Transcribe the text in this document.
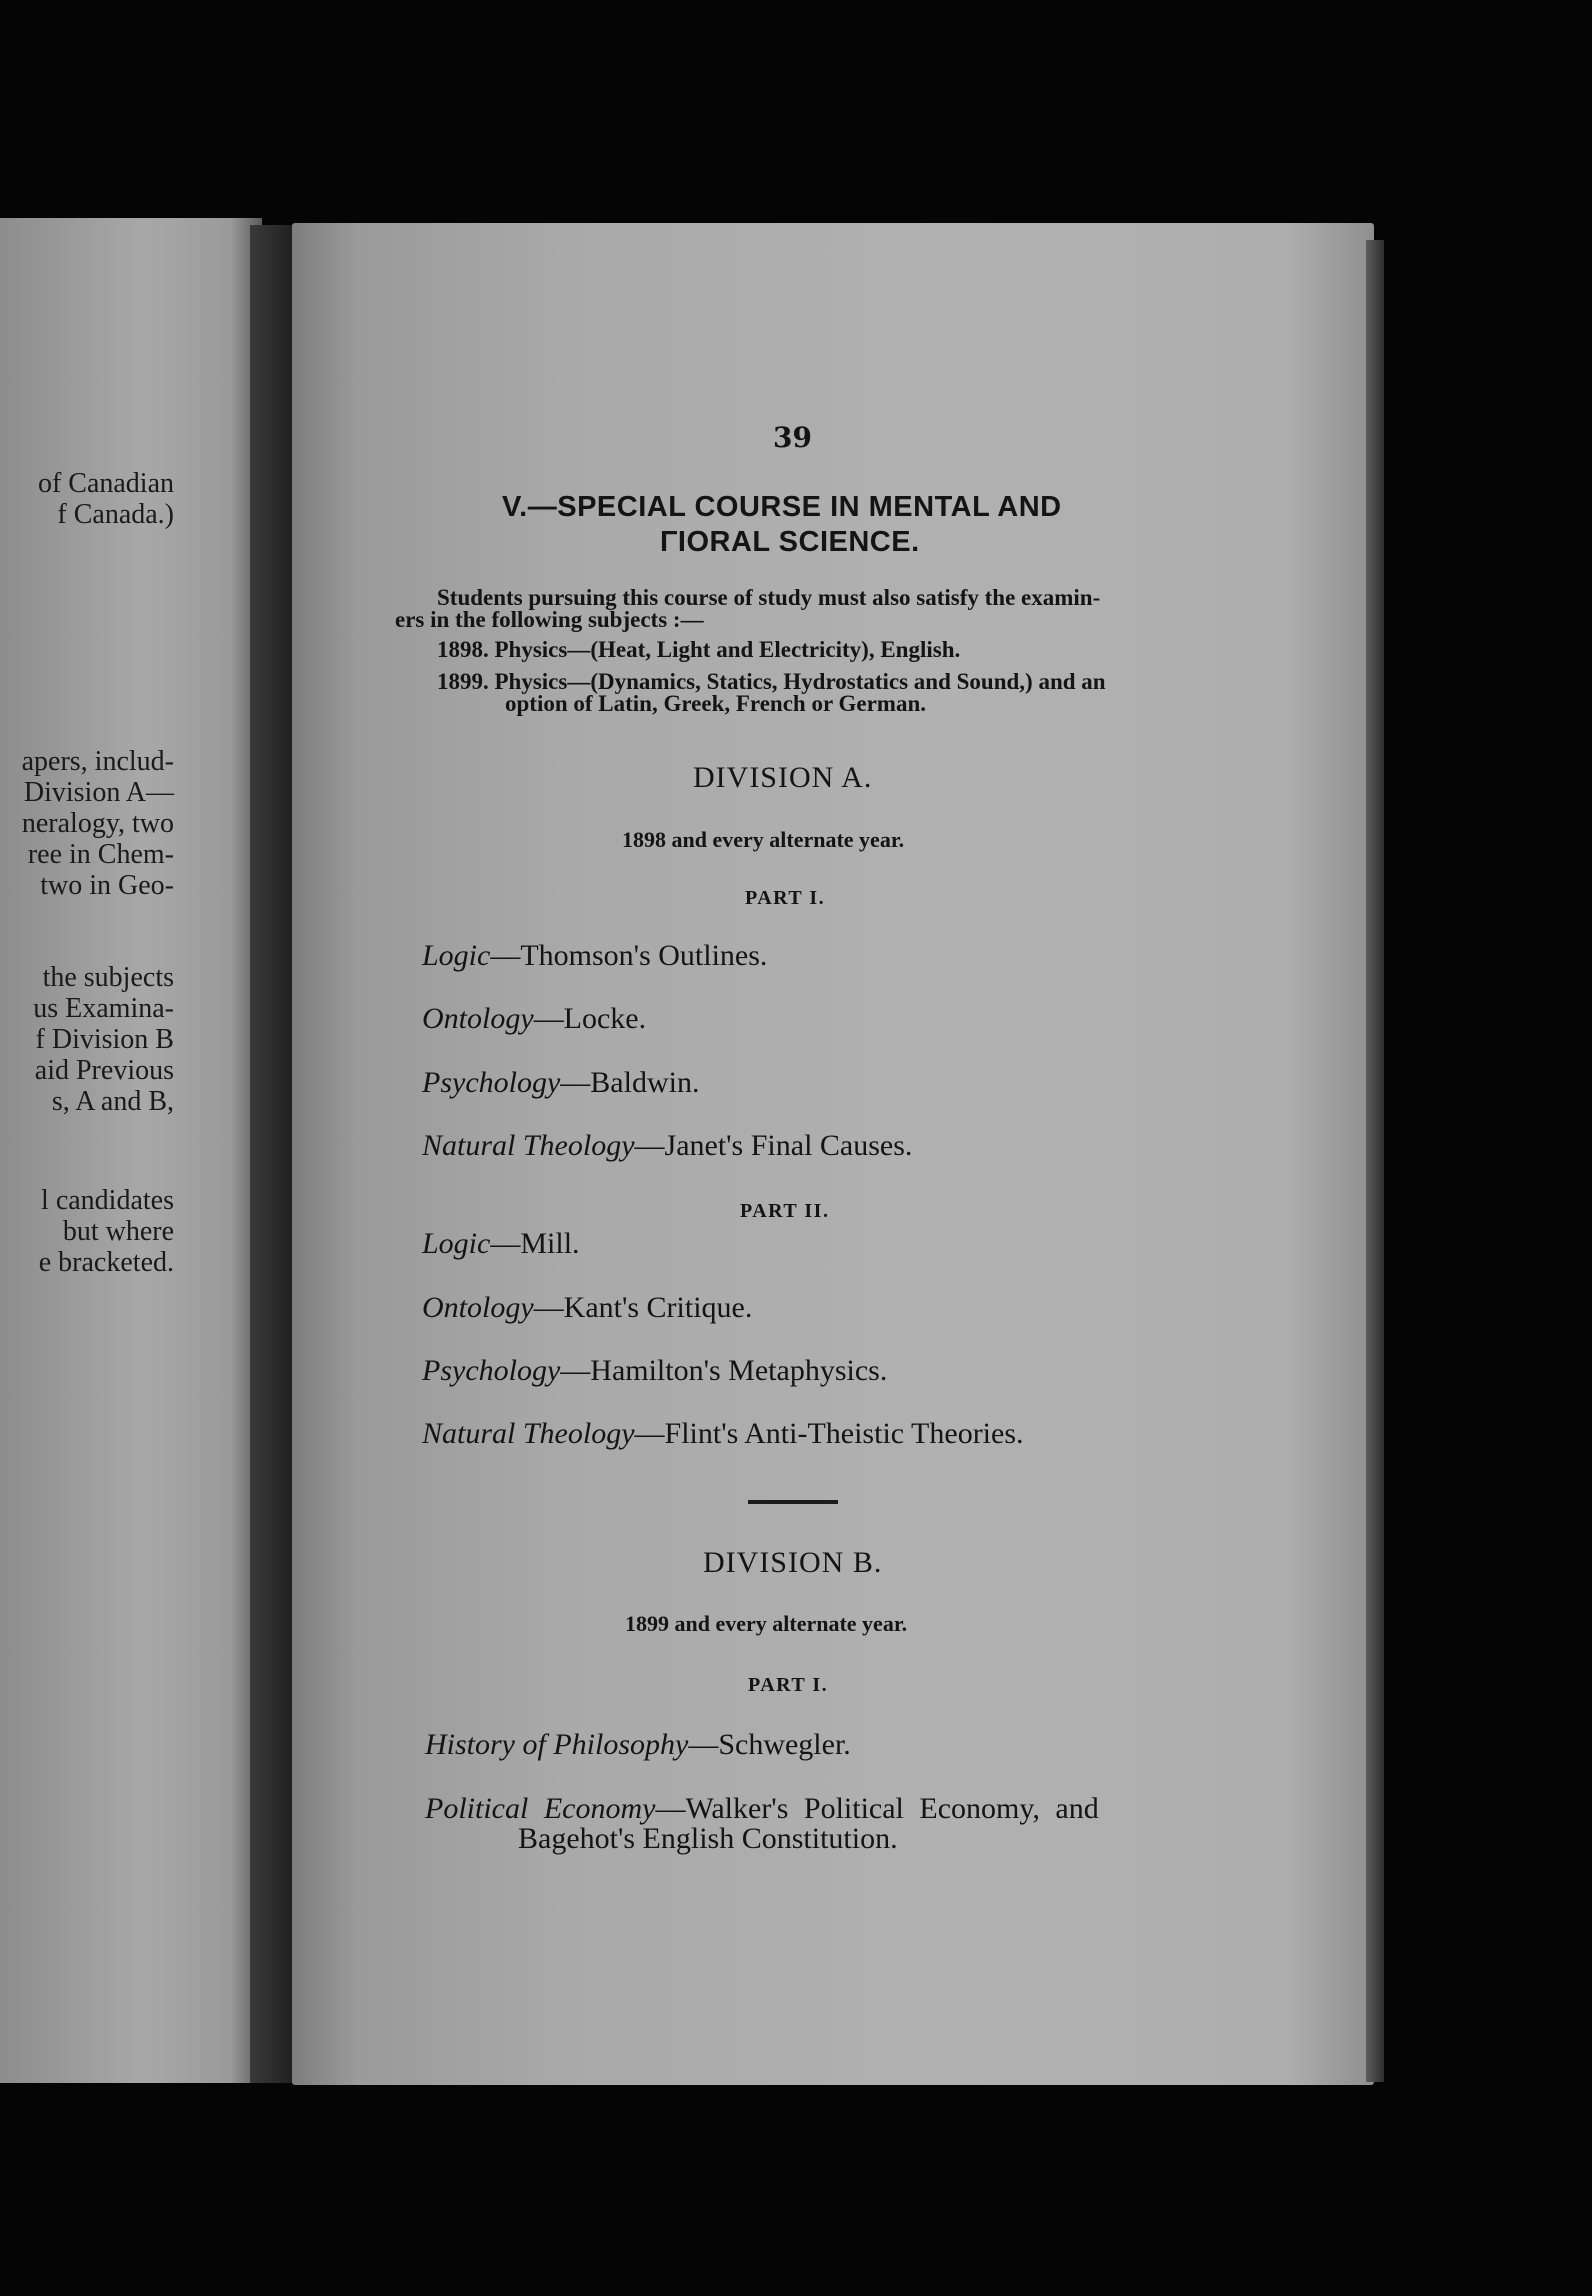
of Canadian
f Canada.)
apers, includ-
Division A—
neralogy, two
ree in Chem-
two in Geo-
the subjects
us Examina-
f Division B
aid Previous
s, A and B,
l candidates
but where
e bracketed.
39
V.—SPECIAL COURSE IN MENTAL AND
ΓIORAL SCIENCE.
Students pursuing this course of study must also satisfy the examin-
ers in the following subjects :—
1898. Physics—(Heat, Light and Electricity), English.
1899. Physics—(Dynamics, Statics, Hydrostatics and Sound,) and an
option of Latin, Greek, French or German.
DIVISION A.
1898 and every alternate year.
PART I.
Logic—Thomson's Outlines.
Ontology—Locke.
Psychology—Baldwin.
Natural Theology—Janet's Final Causes.
PART II.
Logic—Mill.
Ontology—Kant's Critique.
Psychology—Hamilton's Metaphysics.
Natural Theology—Flint's Anti-Theistic Theories.
DIVISION B.
1899 and every alternate year.
PART I.
History of Philosophy—Schwegler.
Political Economy—Walker's Political Economy, and
Bagehot's English Constitution.
